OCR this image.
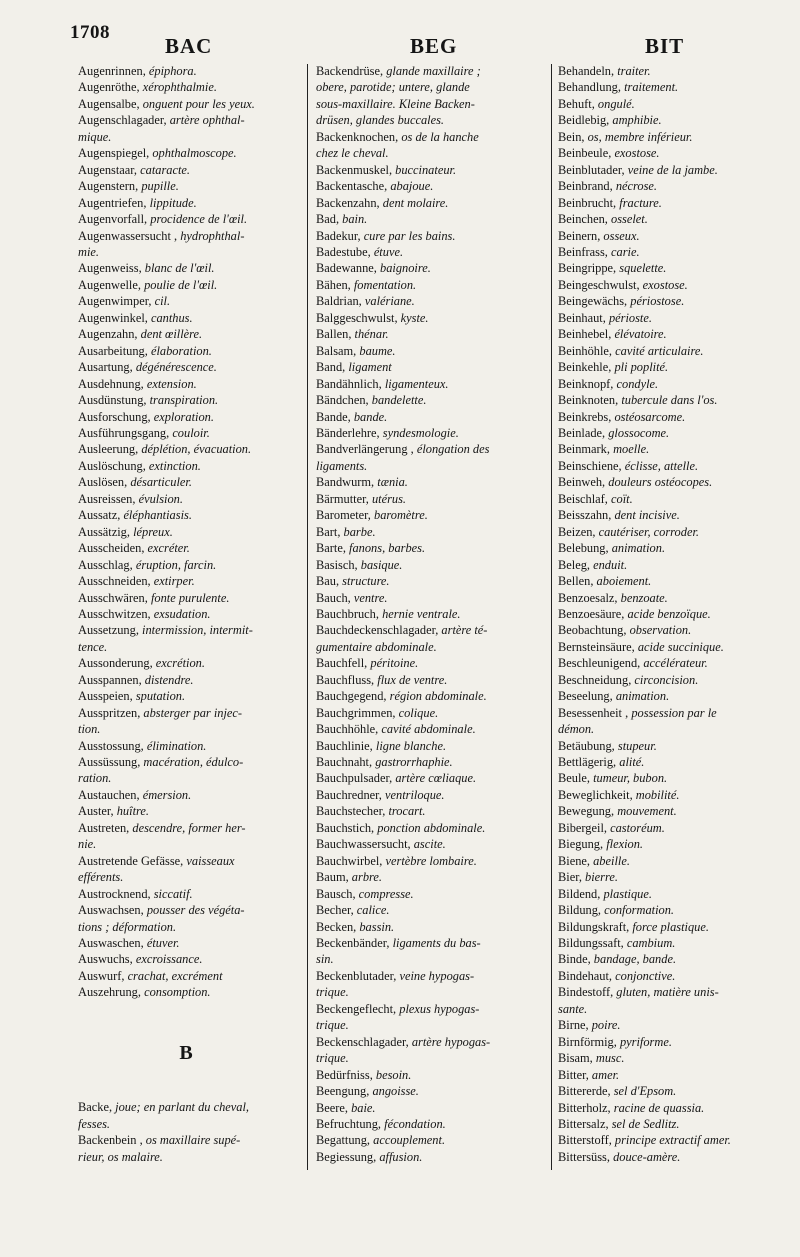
1708
BAC	BEG	BIT
Augenrinnen, épiphora.
Augenröthe, xérophthalmie.
Augensalbe, onguent pour les yeux.
Augenschlagader, artère ophthal-
mique.
Augenspiegel, ophthalmoscope.
Augenstaar, cataracte.
Augenstern, pupille.
Augentriefen, lippitude.
Augenvorfall, procidence de l'œil.
Augenwassersucht , hydrophthal-
mie.
Augenweiss, blanc de l'œil.
Augenwelle, poulie de l'œil.
Augenwimper, cil.
Augenwinkel, canthus.
Augenzahn, dent œillère.
Ausarbeitung, élaboration.
Ausartung, dégénérescence.
Ausdehnung, extension.
Ausdünstung, transpiration.
Ausforschung, exploration.
Ausführungsgang, couloir.
Ausleerung, déplétion, évacuation.
Auslöschung, extinction.
Auslösen, désarticuler.
Ausreissen, évulsion.
Aussatz, éléphantiasis.
Aussätzig, lépreux.
Ausscheiden, excréter.
Ausschlag, éruption, farcin.
Ausschneiden, extirper.
Ausschwären, fonte purulente.
Ausschwitzen, exsudation.
Aussetzung, intermission, intermit-
tence.
Aussonderung, excrétion.
Ausspannen, distendre.
Ausspeien, sputation.
Ausspritzen, absterger par injec-
tion.
Ausstossung, élimination.
Aussüssung, macération, édulco-
ration.
Austauchen, émersion.
Auster, huître.
Austreten, descendre, former her-
nie.
Austretende Gefässe, vaisseaux
efférents.
Austrocknend, siccatif.
Auswachsen, pousser des végéta-
tions ; déformation.
Auswaschen, étuver.
Auswuchs, excroissance.
Auswurf, crachat, excrément
Auszehrung, consomption.
B
Backe, joue; en parlant du cheval,
fesses.
Backenbein , os maxillaire supé-
rieur, os malaire.
Backendrüse, glande maxillaire ;
obere, parotide; untere, glande
sous-maxillaire. Kleine Backen-
drüsen, glandes buccales.
Backenknochen, os de la hanche
chez le cheval.
Backenmuskel, buccinateur.
Backentasche, abajoue.
Backenzahn, dent molaire.
Bad, bain.
Badekur, cure par les bains.
Badestube, étuve.
Badewanne, baignoire.
Bähen, fomentation.
Baldrian, valériane.
Balggeschwulst, kyste.
Ballen, thénar.
Balsam, baume.
Band, ligament
Bandähnlich, ligamenteux.
Bändchen, bandelette.
Bande, bande.
Bänderlehre, syndesmologie.
Bandverlängerung , élongation des
ligaments.
Bandwurm, tænia.
Bärmutter, utérus.
Barometer, baromètre.
Bart, barbe.
Barte, fanons, barbes.
Basisch, basique.
Bau, structure.
Bauch, ventre.
Bauchbruch, hernie ventrale.
Bauchdeckenschlagader, artère té-
gumentaire abdominale.
Bauchfell, péritoine.
Bauchfluss, flux de ventre.
Bauchgegend, région abdominale.
Bauchgrimmen, colique.
Bauchhöhle, cavité abdominale.
Bauchlinie, ligne blanche.
Bauchnaht, gastrorrhaphie.
Bauchpulsader, artère cœliaque.
Bauchredner, ventriloque.
Bauchstecher, trocart.
Bauchstich, ponction abdominale.
Bauchwassersucht, ascite.
Bauchwirbel, vertèbre lombaire.
Baum, arbre.
Bausch, compresse.
Becher, calice.
Becken, bassin.
Beckenbänder, ligaments du bas-
sin.
Beckenblutader, veine hypogas-
trique.
Beckengeflecht, plexus hypogas-
trique.
Beckenschlagader, artère hypogas-
trique.
Bedürfniss, besoin.
Beengung, angoisse.
Beere, baie.
Befruchtung, fécondation.
Begattung, accouplement.
Begiessung, affusion.
Behandeln, traiter.
Behandlung, traitement.
Behuft, ongulé.
Beidlebig, amphibie.
Bein, os, membre inférieur.
Beinbeule, exostose.
Beinblutader, veine de la jambe.
Beinbrand, nécrose.
Beinbrucht, fracture.
Beinchen, osselet.
Beinern, osseux.
Beinfrass, carie.
Beingrippe, squelette.
Beingeschwulst, exostose.
Beingewächs, périostose.
Beinhaut, périoste.
Beinhebel, élévatoire.
Beinhöhle, cavité articulaire.
Beinkehle, pli poplité.
Beinknopf, condyle.
Beinknoten, tubercule dans l'os.
Beinkrebs, ostéosarcome.
Beinlade, glossocome.
Beinmark, moelle.
Beinschiene, éclisse, attelle.
Beinweh, douleurs ostéocopes.
Beischlaf, coït.
Beisszahn, dent incisive.
Beizen, cautériser, corroder.
Belebung, animation.
Beleg, enduit.
Bellen, aboiement.
Benzoesalz, benzoate.
Benzoesäure, acide benzoïque.
Beobachtung, observation.
Bernsteinsäure, acide succinique.
Beschleunigend, accélérateur.
Beschneidung, circoncision.
Beseelung, animation.
Besessenheit , possession par le
démon.
Betäubung, stupeur.
Bettlägerig, alité.
Beule, tumeur, bubon.
Beweglichkeit, mobilité.
Bewegung, mouvement.
Bibergeil, castoréum.
Biegung, flexion.
Biene, abeille.
Bier, bierre.
Bildend, plastique.
Bildung, conformation.
Bildungskraft, force plastique.
Bildungssaft, cambium.
Binde, bandage, bande.
Bindehaut, conjonctive.
Bindestoff, gluten, matière unis-
sante.
Birne, poire.
Birnförmig, pyriforme.
Bisam, musc.
Bitter, amer.
Bittererde, sel d'Epsom.
Bitterholz, racine de quassia.
Bittersalz, sel de Sedlitz.
Bitterstoff, principe extractif amer.
Bittersüss, douce-amère.
